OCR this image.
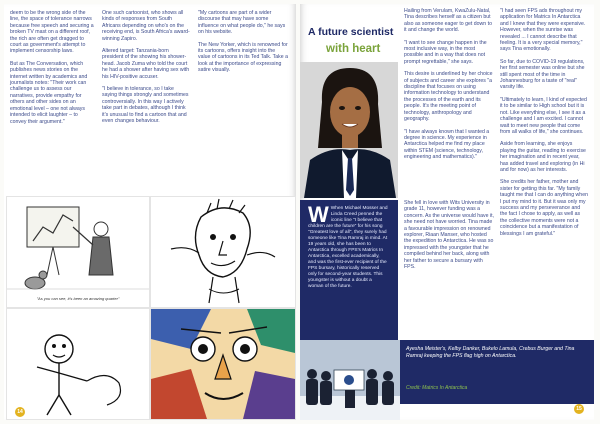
deem to be the wrong side of the line, the space of tolerance narrows because free speech and securing a broken TV mast on a different roof, the rich are often get dragged to court as government's attempt to implement censorship laws.

But as The Conversation, which publishes news stories on the internet written by academics and journalists notes: "Their work can challenge us to assess our narratives, provide empathy for others and other sides on an emotional level – one not always intended to elicit laughter – to convey their argument."

One such cartoonist, who shows all kinds of responses from South Africans depending on who's on the receiving end, is South Africa's award-winning Zapiro.

Altered target: Tanzania-born president of the showing his shower-head. Jacob Zuma who told the court he had a shower after having sex with his HIV-positive accuser.

"I believe in tolerance, so I take saying things strongly and sometimes controversially. In this way I actively take part in debates, although I think it's unusual to find a cartoon that and even changes behaviour.

"My cartoons are part of a wider discourse that may have some influence on what people do," he says on his website.

The New Yorker, which is renowned for its cartoons, offers insight into the value of cartoons in its Ted Talk. Take a look at the importance of expressing satire visually.

"As you can see, it's been an amazing quarter"
14
A future scientist
with heart

Hailing from Verulam, KwaZulu-Natal, Tina describes herself as a citizen but also as someone eager to get down to it and change the world.

"I want to see change happen in the most inclusive way, in the most possible and in a way that does not prompt regrettable," she says.

This desire is underlined by her choice of subjects and career she explores "a discipline that focuses on using information technology to understand the processes of the earth and its people. It's the meeting point of technology, anthropology and geography.

"I have always known that I wanted a degree in science. My experience in Antarctica helped me find my place within STEM (science, technology, engineering and mathematics)."

"I had seen FPS ads throughout my application for Matrics In Antarctica and I knew that they were expensive. However, when the sunrise was revealed ... I cannot describe that feeling. It is a very special memory," says Tina emotionally.

So far, due to COVID-19 regulations, her first semester was online but she still spent most of the time in Johannesburg for a taste of "real" varsity life.

"Ultimately to learn, I kind of expected it to be similar to High school but it is not. Like everything else, I see it as a challenge and I am excited. I cannot wait to meet new people that come from all walks of life," she continues.

Aside from learning, she enjoys playing the guitar, reading to exercise her imagination and in recent year, has added travel and exploring (in Hi and for now) as her interests.

She credits her father, mother and sister for getting this far. "My family taught me that I can do anything when I put my mind to it. But it was only my success and my perseverance and the fact I chose to apply, as well as the collective moments were not a coincidence but a manifestation of blessings I am grateful."

W When Michael Mosser and Linda Creed penned the iconic line "I believe that children are the future" for his song "Greatest love of all", they surely had someone like Tina Ramraj in mind. At 19 years old, she has been to Antarctica through FPS's Matrics In Antarctica, excelled academically, and was the first-ever recipient of the FPS bursary, historically reserved only for second-year students. This youngster is without a doubt a woman of the future.

She fell in love with Wits University in grade 11, however funding was a concern. As the universe would have it, she need not have worried. Tina made a favourable impression on renowned explorer, Riaan Manser, who hosted the expedition to Antarctica. He was so impressed with the youngster that he compiled behind her back, along with her father to secure a bursary with FPS.

Ayesha Meister's, Kelby Danker, Bukelo Lamula, Crebus Burger and Tina Ramraj keeping the FPS flag high on Antarctica.
Credit: Matrics In Antarctica
15
